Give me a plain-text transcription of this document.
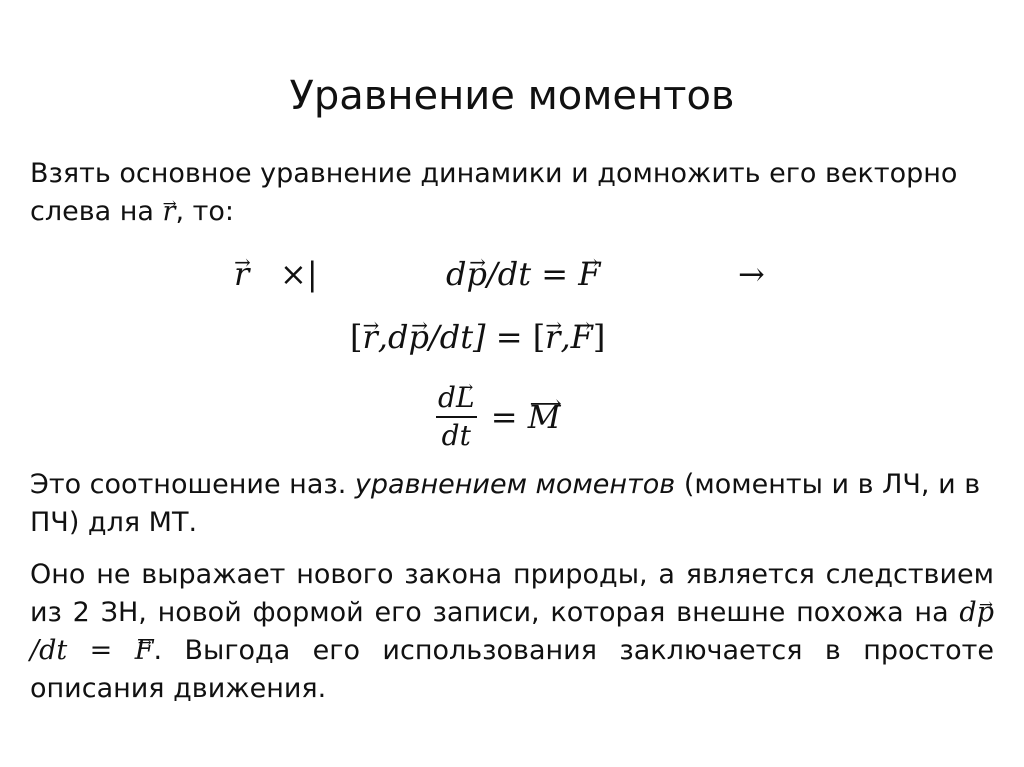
Уравнение моментов

Взять основное уравнение динамики и домножить его векторно слева на → r, то:

→ r ×|	d→ p/dt = → F	→
[→ r,d→ p/dt] = [→ r,→ F]
$\frac{d\to L}{dt}$ = ⟶ M

Это соотношение наз. уравнением моментов (моменты и в ЛЧ, и в ПЧ) для МТ.

Оно не выражает нового закона природы, а является следствием из 2 ЗН, новой формой его записи, которая внешне похожа на d→ p/dt = → F. Выгода его использования заключается в простоте описания движения.
